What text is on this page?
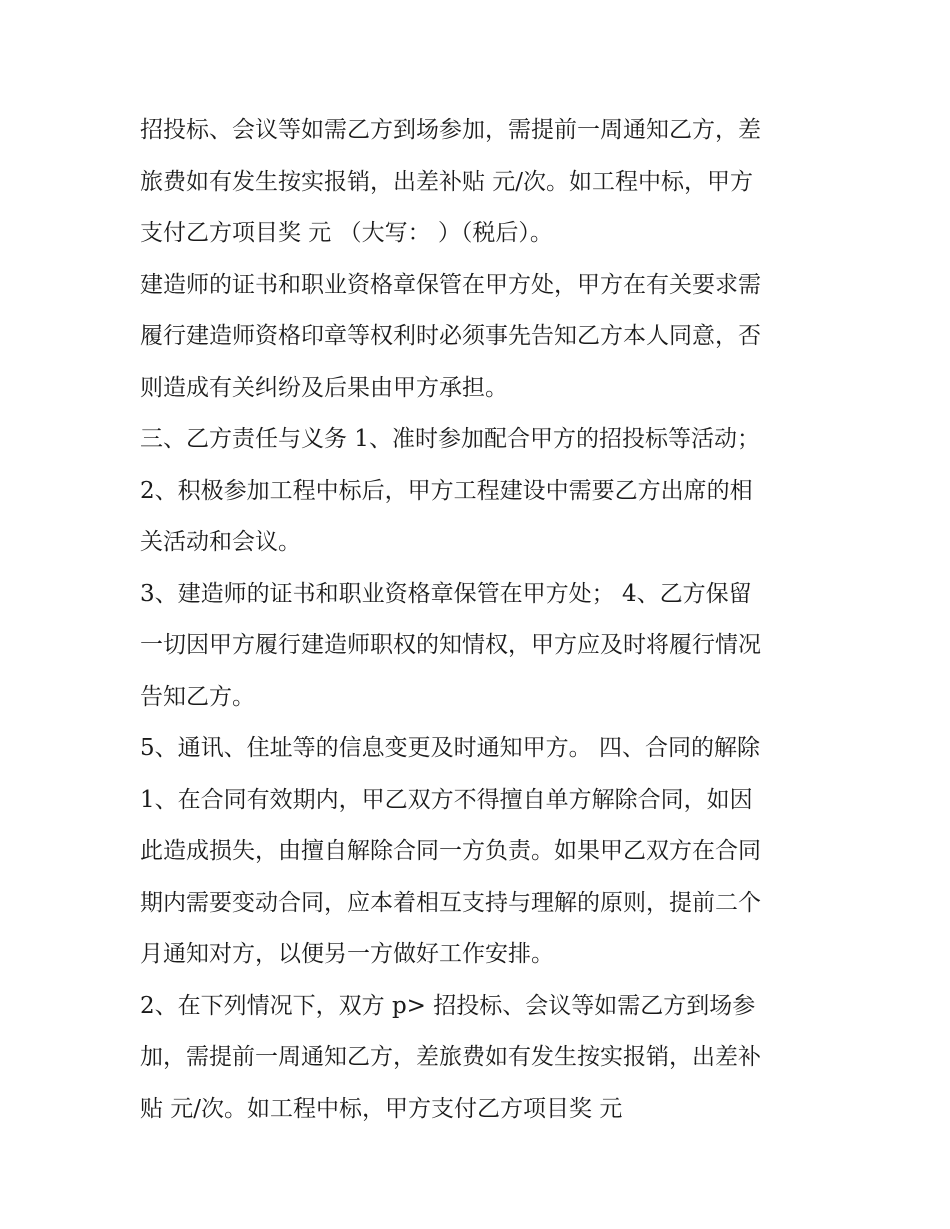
招投标、会议等如需乙方到场参加，需提前一周通知乙方，差
旅费如有发生按实报销，出差补贴 元/次。如工程中标，甲方
支付乙方项目奖 元 （大写： ）（税后）。
建造师的证书和职业资格章保管在甲方处，甲方在有关要求需
履行建造师资格印章等权利时必须事先告知乙方本人同意，否
则造成有关纠纷及后果由甲方承担。
三、乙方责任与义务 1、准时参加配合甲方的招投标等活动；
2、积极参加工程中标后，甲方工程建设中需要乙方出席的相
关活动和会议。
3、建造师的证书和职业资格章保管在甲方处； 4、乙方保留
一切因甲方履行建造师职权的知情权，甲方应及时将履行情况
告知乙方。
5、通讯、住址等的信息变更及时通知甲方。 四、合同的解除
1、在合同有效期内，甲乙双方不得擅自单方解除合同，如因
此造成损失，由擅自解除合同一方负责。如果甲乙双方在合同
期内需要变动合同，应本着相互支持与理解的原则，提前二个
月通知对方，以便另一方做好工作安排。
2、在下列情况下，双方 p> 招投标、会议等如需乙方到场参
加，需提前一周通知乙方，差旅费如有发生按实报销，出差补
贴 元/次。如工程中标，甲方支付乙方项目奖 元
